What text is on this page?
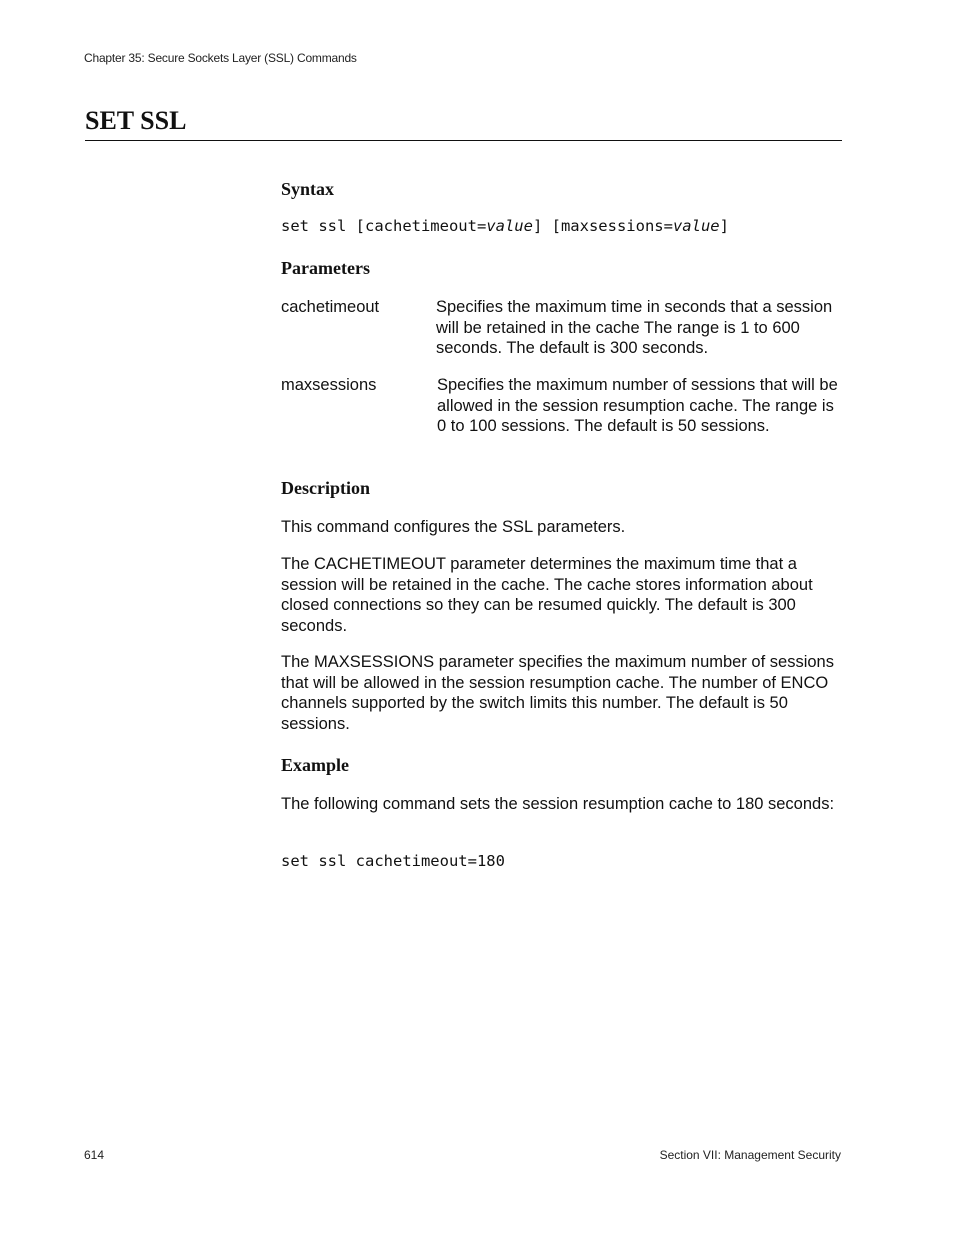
Chapter 35: Secure Sockets Layer (SSL) Commands
SET SSL
Syntax
set ssl [cachetimeout=value] [maxsessions=value]
Parameters

cachetimeout	Specifies the maximum time in seconds that a session will be retained in the cache The range is 1 to 600 seconds. The default is 300 seconds.

maxsessions	Specifies the maximum number of sessions that will be allowed in the session resumption cache. The range is 0 to 100 sessions. The default is 50 sessions.

Description

This command configures the SSL parameters.

The CACHETIMEOUT parameter determines the maximum time that a session will be retained in the cache. The cache stores information about closed connections so they can be resumed quickly. The default is 300 seconds.

The MAXSESSIONS parameter specifies the maximum number of sessions that will be allowed in the session resumption cache. The number of ENCO channels supported by the switch limits this number. The default is 50 sessions.

Example

The following command sets the session resumption cache to 180 seconds:

set ssl cachetimeout=180
614	Section VII: Management Security
